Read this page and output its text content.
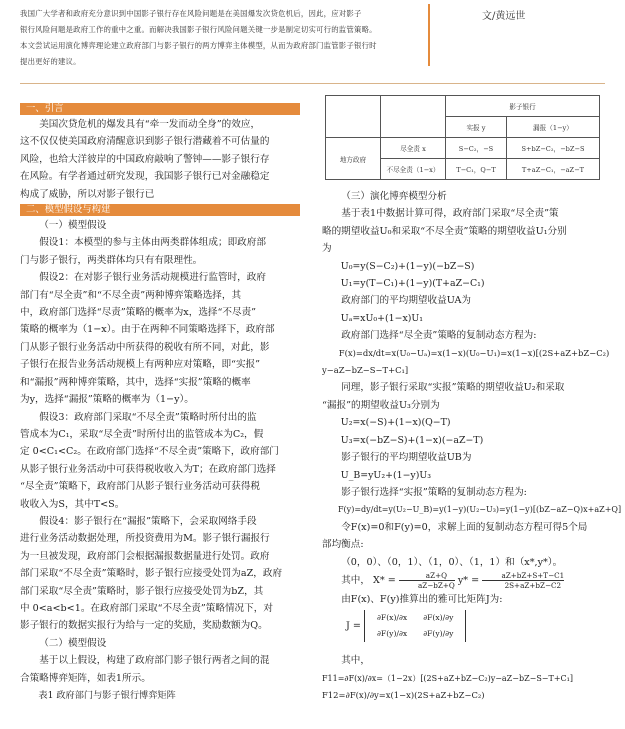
我国广大学者和政府充分意识到中国影子银行存在风险问题是在美国爆发次贷危机后，因此，应对影子
银行风险问题是政府工作的重中之重。而解决我国影子银行风险问题关键一步是制定切实可行的监管策略。
本文尝试运用演化博弈理论建立政府部门与影子银行的两方博弈主体模型，从而为政府部门监管影子银行时
提出更好的建议。
文/黄远世
一、引言

美国次贷危机的爆发具有“牵一发而动全身”的效应，

这不仅仅使美国政府清醒意识到影子银行潜藏着不可估量的

风险，也给大洋彼岸的中国政府敲响了警钟——影子银行存

在风险。有学者通过研究发现，我国影子银行已对金融稳定

构成了威胁，所以对影子银行已

二、模型假设与构建

（一）模型假设

假设1：本模型的参与主体由两类群体组成；即政府部

门与影子银行，两类群体均只有有限理性。

假设2：在对影子银行业务活动规模进行监管时，政府

部门有“尽全责”和“不尽全责”两种博弈策略选择，其

中，政府部门选择“尽责”策略的概率为x，选择“不尽责”

策略的概率为（1−x）。由于在两种不同策略选择下，政府部

门从影子银行业务活动中所获得的税收有所不同，对此，影

子银行在报告业务活动规模上有两种应对策略，即“实报”

和“漏报”两种博弈策略，其中，选择“实报”策略的概率

为y，选择“漏报”策略的概率为（1−y）。

假设3：政府部门采取“不尽全责”策略时所付出的监

管成本为C₁，采取“尽全责”时所付出的监管成本为C₂，假

定 0<C₁<C₂。在政府部门选择“不尽全责”策略下，政府部门

从影子银行业务活动中可获得税收收入为T；在政府部门选择

“尽全责”策略下，政府部门从影子银行业务活动可获得税

收收入为S，其中T<S。

假设4：影子银行在“漏报”策略下，会采取网络手段

进行业务活动数据处理，所投资费用为M。影子银行漏报行

为一旦被发现，政府部门会根据漏报数据量进行处罚。政府

部门采取“不尽全责”策略时，影子银行应接受处罚为aZ，政府

部门采取“尽全责”策略时，影子银行应接受处罚为bZ，其

中 0<a<b<1。在政府部门采取“不尽全责”策略情况下，对

影子银行的数据实报行为给与一定的奖励，奖励数额为Q。

（二）模型假设

基于以上假设，构建了政府部门影子银行两者之间的混

合策略博弈矩阵，如表1所示。

表1 政府部门与影子银行博弈矩阵

		影子银行	
		实报 y	漏报（1−y）
地方政府	尽全责 x	S−C₂，−S	S+bZ−C₂，−bZ−S
	不尽全责（1−x）	T−C₁，Q−T	T+aZ−C₁，−aZ−T

（三）演化博弈模型分析

基于表1中数据计算可得，政府部门采取“尽全责”策

略的期望收益U₀和采取“不尽全责”策略的期望收益U₁分别

为

U₀=y(S−C₂)+(1−y)(−bZ−S)

U₁=y(T−C₁)+(1−y)(T+aZ−C₁)

政府部门的平均期望收益UA为

Uₐ=xU₀+(1−x)U₁

政府部门选择“尽全责”策略的复制动态方程为:

F(x)=dx/dt=x(U₀−Uₐ)=x(1−x)(U₀−U₁)=x(1−x)[(2S+aZ+bZ−C₂)

y−aZ−bZ−S−T+C₁]

同理，影子银行采取“实报”策略的期望收益U₂和采取

“漏报”的期望收益U₃分别为

U₂=x(−S)+(1−x)(Q−T)

U₃=x(−bZ−S)+(1−x)(−aZ−T)

影子银行的平均期望收益UB为

U_B=yU₂+(1−y)U₃

影子银行选择“实报”策略的复制动态方程为:

F(y)=dy/dt=y(U₂−U_B)=y(1−y)(U₂−U₃)=y(1−y)[(bZ−aZ−Q)x+aZ+Q]

令F(x)=0和F(y)=0，求解上面的复制动态方程可得5个局

部均衡点:

（0，0）、（0，1）、（1，0）、（1，1）和（x*,y*）。

其中， $X* = \frac{aZ+Q}{aZ-bZ+Q} y* = \frac{aZ+bZ+S+T-C1}{2S+aZ+bZ-C2}$

由F(x)、F(y)推算出的雅可比矩阵J为:

J =
∂F(x)/∂x	∂F(x)/∂y
∂F(y)/∂x	∂F(y)/∂y

其中，

F11=∂F(x)/∂x=（1−2x）[(2S+aZ+bZ−C₂)y−aZ−bZ−S−T+C₁]

F12=∂F(x)/∂y=x(1−x)(2S+aZ+bZ−C₂)
